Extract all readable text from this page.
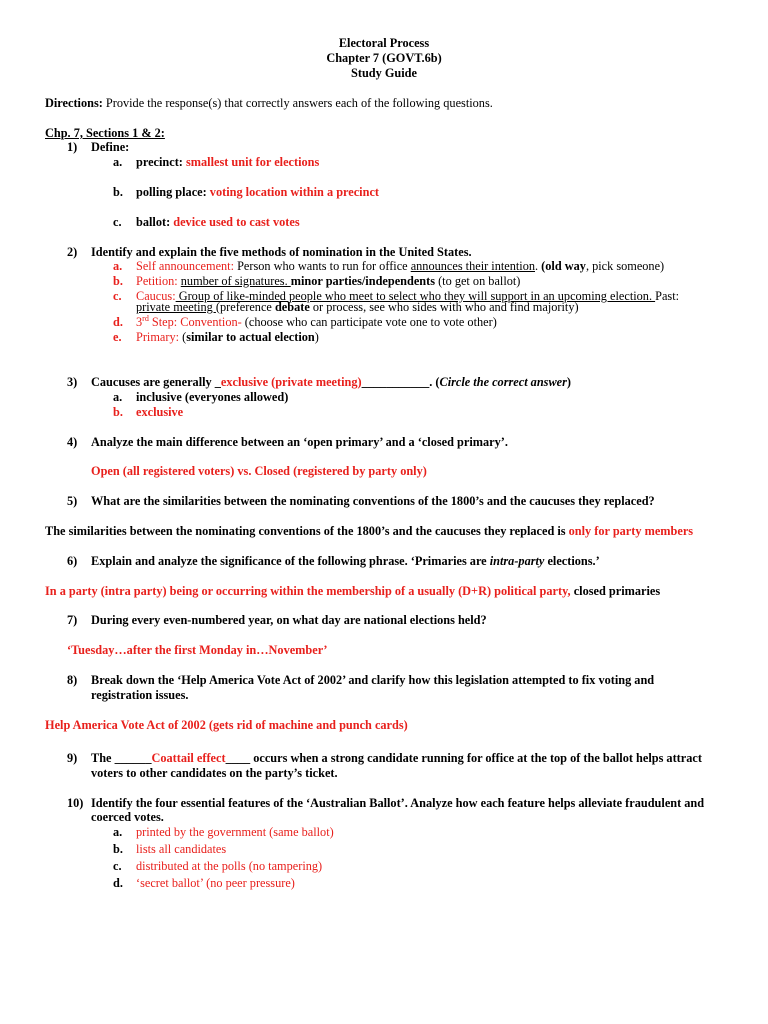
Electoral Process
Chapter 7 (GOVT.6b)
Study Guide
Directions: Provide the response(s) that correctly answers each of the following questions.
Chp. 7, Sections 1 & 2:
1) Define:
a. precinct: smallest unit for elections
b. polling place: voting location within a precinct
c. ballot: device used to cast votes
2) Identify and explain the five methods of nomination in the United States.
a. Self announcement: Person who wants to run for office announces their intention. (old way, pick someone)
b. Petition: number of signatures. minor parties/independents (to get on ballot)
c. Caucus: Group of like-minded people who meet to select who they will support in an upcoming election. Past:
private meeting (preference debate or process, see who sides with who and find majority)
d. 3rd Step: Convention- (choose who can participate vote one to vote other)
e. Primary: (similar to actual election)
3) Caucuses are generally _exclusive (private meeting)___________. (Circle the correct answer)
a. inclusive (everyones allowed)
b. exclusive
4) Analyze the main difference between an ‘open primary’ and a ‘closed primary’.
Open (all registered voters) vs. Closed (registered by party only)
5) What are the similarities between the nominating conventions of the 1800’s and the caucuses they replaced?
The similarities between the nominating conventions of the 1800’s and the caucuses they replaced is only for party members
6) Explain and analyze the significance of the following phrase. ‘Primaries are intra-party elections.’
In a party (intra party) being or occurring within the membership of a usually (D+R) political party, closed primaries
7) During every even-numbered year, on what day are national elections held?
‘Tuesday…after the first Monday in…November’
8) Break down the ‘Help America Vote Act of 2002’ and clarify how this legislation attempted to fix voting and
registration issues.
Help America Vote Act of 2002 (gets rid of machine and punch cards)
9) The ______Coattail effect____ occurs when a strong candidate running for office at the top of the ballot helps attract
voters to other candidates on the party’s ticket.
10) Identify the four essential features of the ‘Australian Ballot’. Analyze how each feature helps alleviate fraudulent and
coerced votes.
a. printed by the government (same ballot)
b. lists all candidates
c. distributed at the polls (no tampering)
d. ‘secret ballot’ (no peer pressure)
